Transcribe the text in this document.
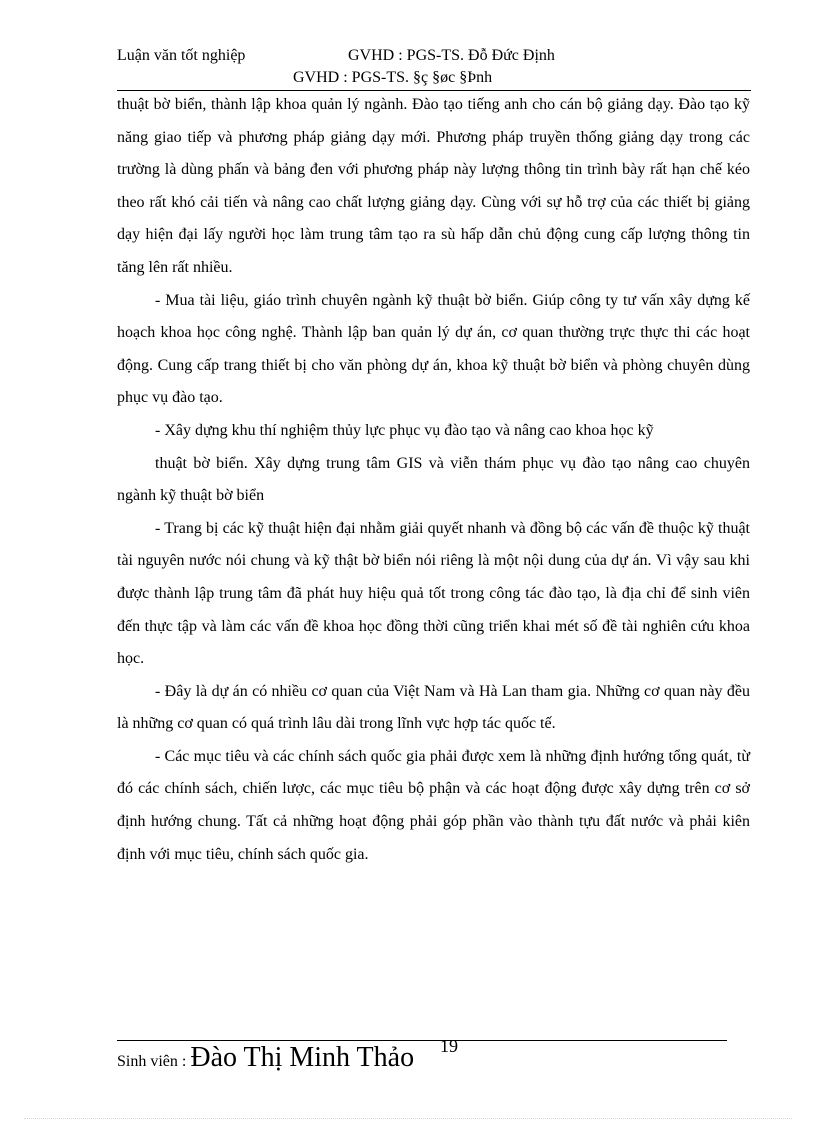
Luận văn tốt nghiệp	GVHD : PGS-TS. Đỗ Đức Định
GVHD : PGS-TS. §ç §øc §Þnh

thuật bờ biển, thành lập khoa quản lý ngành. Đào tạo tiếng anh cho cán bộ giảng dạy. Đào tạo kỹ năng giao tiếp và phương pháp giảng dạy mới. Phương pháp truyền thống giảng dạy trong các trường là dùng phấn và bảng đen với phương pháp này lượng thông tin trình bày rất hạn chế kéo theo rất khó cải tiến và nâng cao chất lượng giảng dạy. Cùng với sự hỗ trợ của các thiết bị giảng dạy hiện đại lấy người học làm trung tâm tạo ra sù hấp dẫn chủ động cung cấp lượng thông tin tăng lên rất nhiều.

- Mua tài liệu, giáo trình chuyên ngành kỹ thuật bờ biển. Giúp công ty tư vấn xây dựng kế hoạch khoa học công nghệ. Thành lập ban quản lý dự án, cơ quan thường trực thực thi các hoạt động. Cung cấp trang thiết bị cho văn phòng dự án, khoa kỹ thuật bờ biển và phòng chuyên dùng phục vụ đào tạo.

- Xây dựng khu thí nghiệm thủy lực phục vụ đào tạo và nâng cao khoa học kỹ

thuật bờ biển. Xây dựng trung tâm GIS và viễn thám phục vụ đào tạo nâng cao chuyên ngành kỹ thuật bờ biển

- Trang bị các kỹ thuật hiện đại nhằm giải quyết nhanh và đồng bộ các vấn đề thuộc kỹ thuật tài nguyên nước nói chung và kỹ thật bờ biển nói riêng là một nội dung của dự án. Vì vậy sau khi được thành lập trung tâm đã phát huy hiệu quả tốt trong công tác đào tạo, là địa chỉ để sinh viên đến thực tập và làm các vấn đề khoa học đồng thời cũng triển khai mét số đề tài nghiên cứu khoa học.

- Đây là dự án có nhiều cơ quan của Việt Nam và Hà Lan tham gia. Những cơ quan này đều là những cơ quan có quá trình lâu dài trong lĩnh vực hợp tác quốc tế.

- Các mục tiêu và các chính sách quốc gia phải được xem là những định hướng tổng quát, từ đó các chính sách, chiến lược, các mục tiêu bộ phận và các hoạt động được xây dựng trên cơ sở định hướng chung. Tất cả những hoạt động phải góp phần vào thành tựu đất nước và phải kiên định với mục tiêu, chính sách quốc gia.

Sinh viên : Đào Thị Minh Thảo 19
